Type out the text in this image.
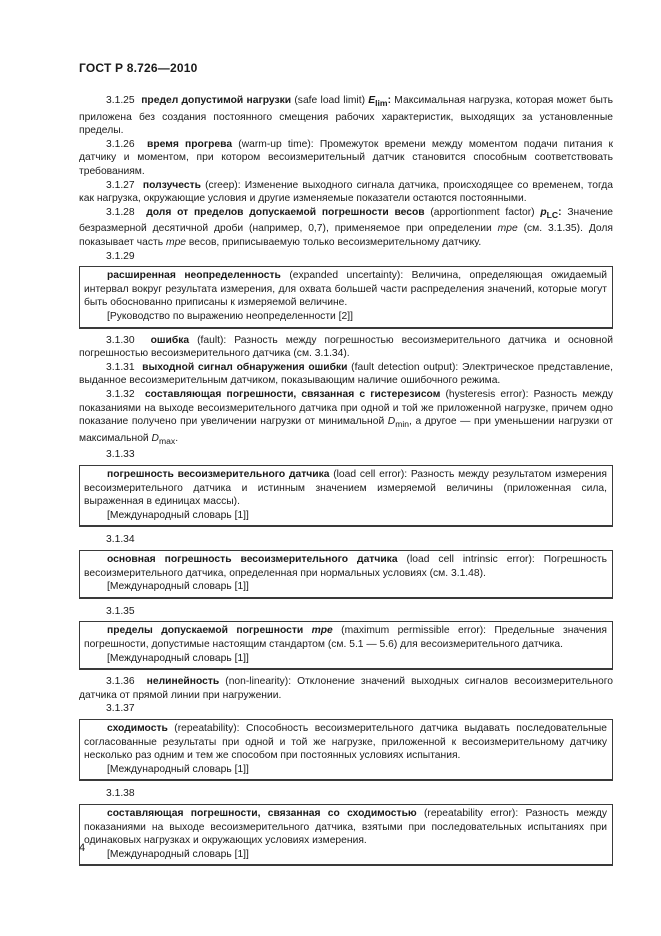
ГОСТ Р 8.726—2010

3.1.25 предел допустимой нагрузки (safe load limit) $E_{lim}$: Максимальная нагрузка, которая может быть приложена без создания постоянного смещения рабочих характеристик, выходящих за установленные пределы.

3.1.26 время прогрева (warm-up time): Промежуток времени между моментом подачи питания к датчику и моментом, при котором весоизмерительный датчик становится способным соответствовать требованиям.

3.1.27 ползучесть (creep): Изменение выходного сигнала датчика, происходящее со временем, тогда как нагрузка, окружающие условия и другие изменяемые показатели остаются постоянными.

3.1.28 доля от пределов допускаемой погрешности весов (apportionment factor) $p_{LC}$: Значение безразмерной десятичной дроби (например, 0,7), применяемое при определении mpe (см. 3.1.35). Доля показывает часть mpe весов, приписываемую только весоизмерительному датчику.

3.1.29

расширенная неопределенность (expanded uncertainty): Величина, определяющая ожидаемый интервал вокруг результата измерения, для охвата большей части распределения значений, которые могут быть обоснованно приписаны к измеряемой величине.

[Руководство по выражению неопределенности [2]]

3.1.30 ошибка (fault): Разность между погрешностью весоизмерительного датчика и основной погрешностью весоизмерительного датчика (см. 3.1.34).

3.1.31 выходной сигнал обнаружения ошибки (fault detection output): Электрическое представление, выданное весоизмерительным датчиком, показывающим наличие ошибочного режима.

3.1.32 составляющая погрешности, связанная с гистерезисом (hysteresis error): Разность между показаниями на выходе весоизмерительного датчика при одной и той же приложенной нагрузке, причем одно показание получено при увеличении нагрузки от минимальной $D_{min}$, а другое — при уменьшении нагрузки от максимальной $D_{max}$.

3.1.33

погрешность весоизмерительного датчика (load cell error): Разность между результатом измерения весоизмерительного датчика и истинным значением измеряемой величины (приложенная сила, выраженная в единицах массы).

[Международный словарь [1]]

3.1.34

основная погрешность весоизмерительного датчика (load cell intrinsic error): Погрешность весоизмерительного датчика, определенная при нормальных условиях (см. 3.1.48).

[Международный словарь [1]]

3.1.35

пределы допускаемой погрешности mpe (maximum permissible error): Предельные значения погрешности, допустимые настоящим стандартом (см. 5.1 — 5.6) для весоизмерительного датчика.

[Международный словарь [1]]

3.1.36 нелинейность (non-linearity): Отклонение значений выходных сигналов весоизмерительного датчика от прямой линии при нагружении.

3.1.37

сходимость (repeatability): Способность весоизмерительного датчика выдавать последовательные согласованные результаты при одной и той же нагрузке, приложенной к весоизмерительному датчику несколько раз одним и тем же способом при постоянных условиях испытания.

[Международный словарь [1]]

3.1.38

составляющая погрешности, связанная со сходимостью (repeatability error): Разность между показаниями на выходе весоизмерительного датчика, взятыми при последовательных испытаниях при одинаковых нагрузках и окружающих условиях измерения.

[Международный словарь [1]]

4
